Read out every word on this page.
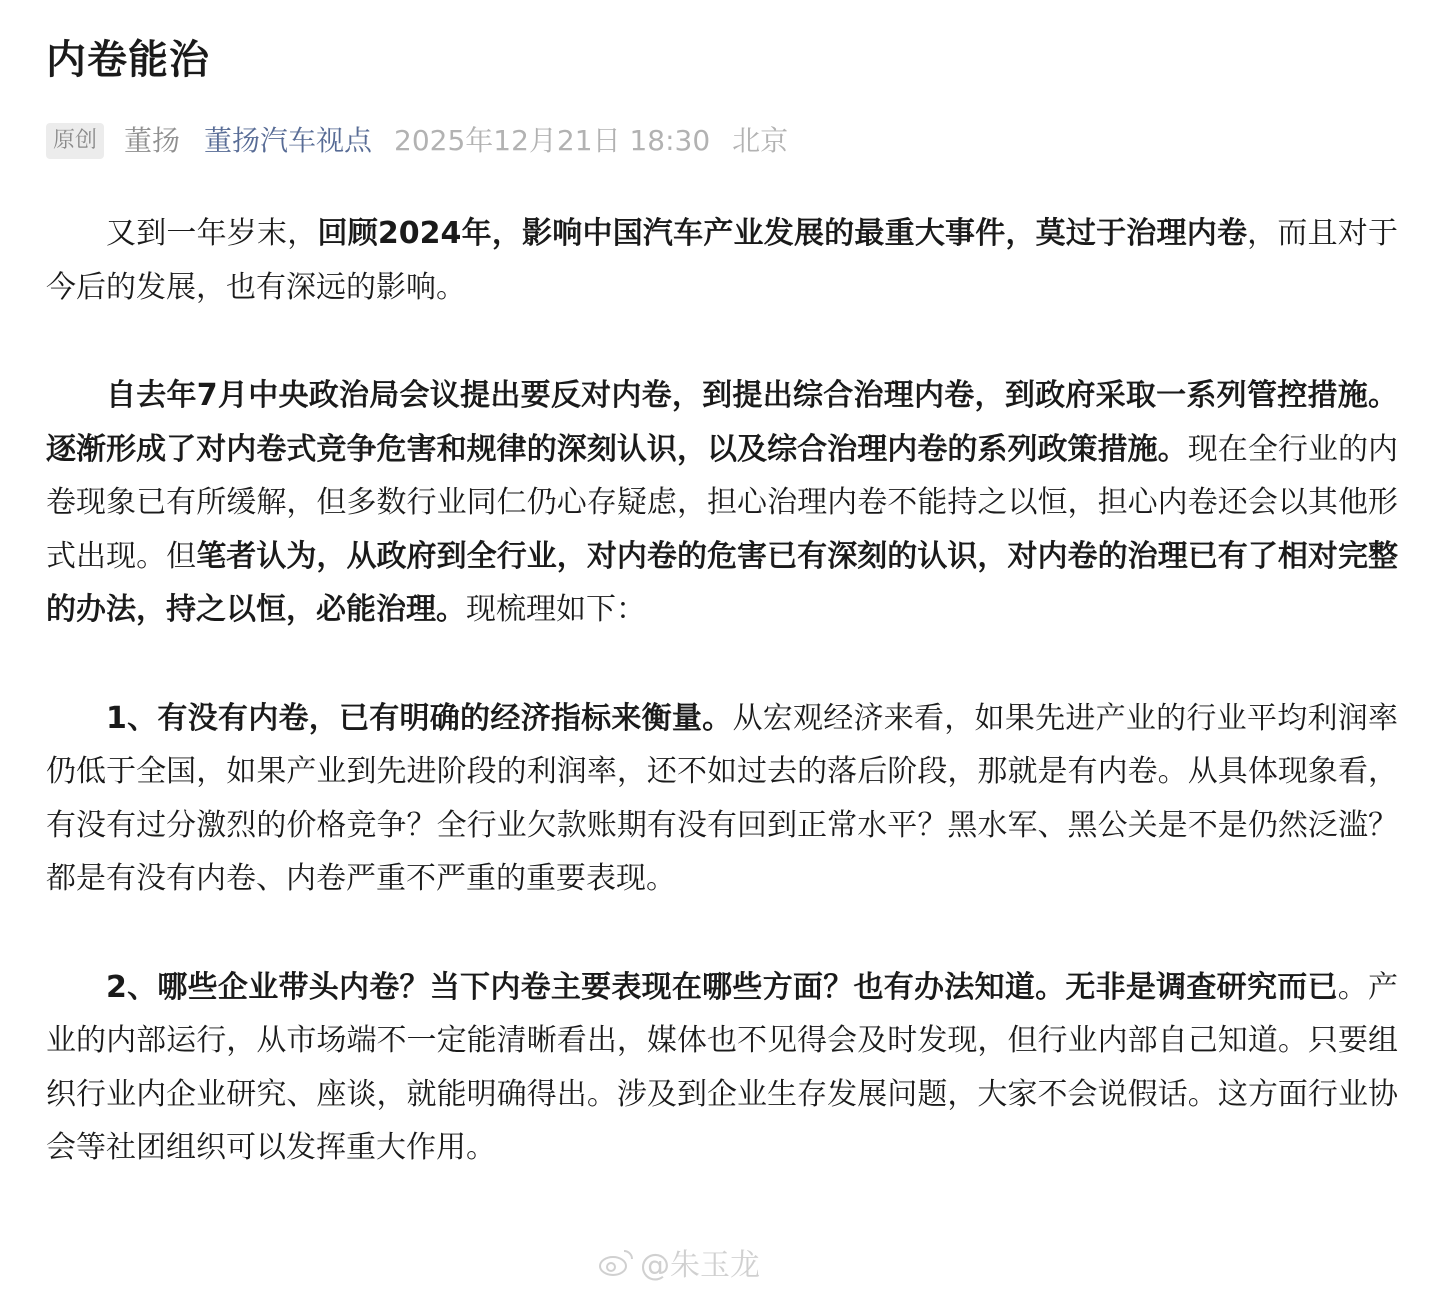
内卷能治
原创 董扬 董扬汽车视点 2025年12月21日 18:30 北京

又到一年岁末，回顾2024年，影响中国汽车产业发展的最重大事件，莫过于治理内卷，而且对于今后的发展，也有深远的影响。

自去年7月中央政治局会议提出要反对内卷，到提出综合治理内卷，到政府采取一系列管控措施。逐渐形成了对内卷式竞争危害和规律的深刻认识，以及综合治理内卷的系列政策措施。现在全行业的内卷现象已有所缓解，但多数行业同仁仍心存疑虑，担心治理内卷不能持之以恒，担心内卷还会以其他形式出现。但笔者认为，从政府到全行业，对内卷的危害已有深刻的认识，对内卷的治理已有了相对完整的办法，持之以恒，必能治理。现梳理如下：

1、有没有内卷，已有明确的经济指标来衡量。从宏观经济来看，如果先进产业的行业平均利润率仍低于全国，如果产业到先进阶段的利润率，还不如过去的落后阶段，那就是有内卷。从具体现象看，有没有过分激烈的价格竞争？全行业欠款账期有没有回到正常水平？黑水军、黑公关是不是仍然泛滥？都是有没有内卷、内卷严重不严重的重要表现。

2、哪些企业带头内卷？当下内卷主要表现在哪些方面？也有办法知道。无非是调查研究而已。产业的内部运行，从市场端不一定能清晰看出，媒体也不见得会及时发现，但行业内部自己知道。只要组织行业内企业研究、座谈，就能明确得出。涉及到企业生存发展问题，大家不会说假话。这方面行业协会等社团组织可以发挥重大作用。

@朱玉龙
